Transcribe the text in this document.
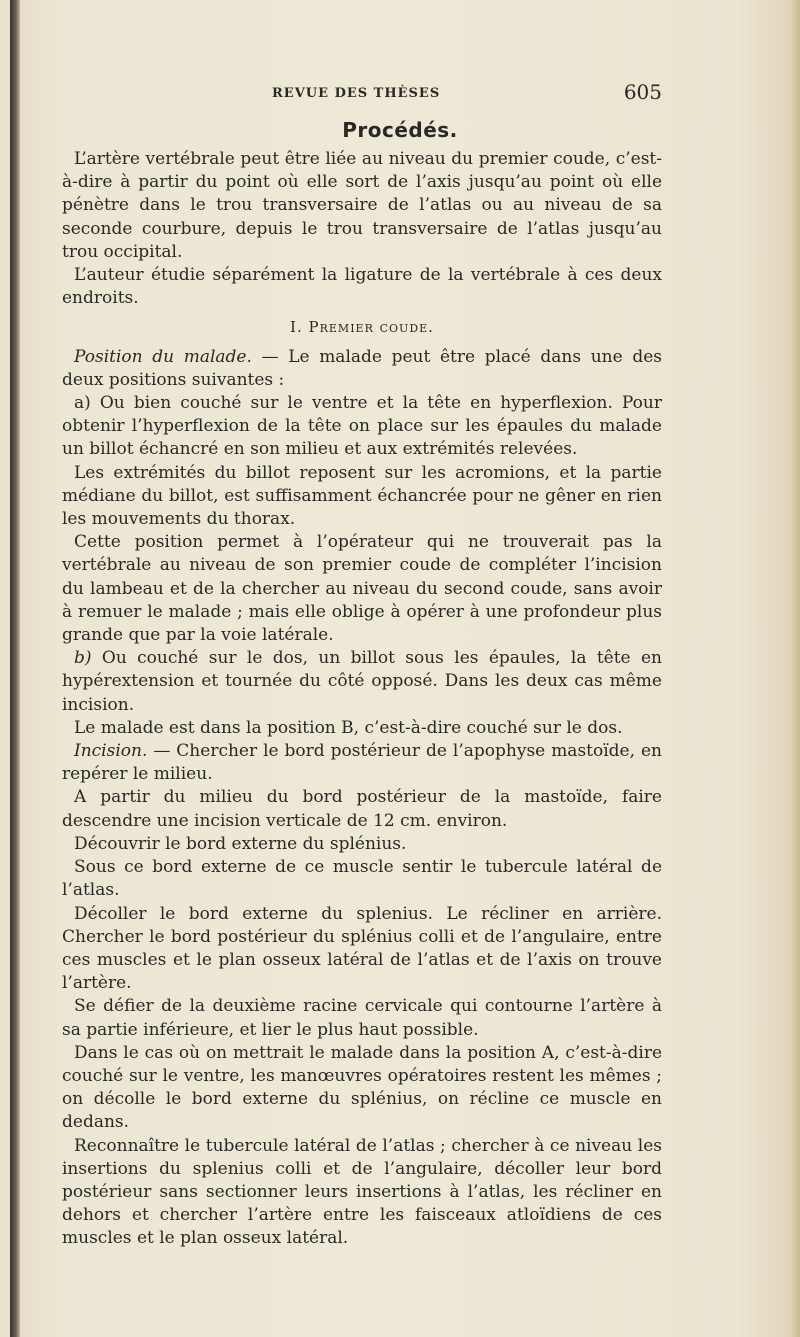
REVUE DES THÈSES	605
Procédés.

L’artère vertébrale peut être liée au niveau du premier coude, c’est-à-dire à partir du point où elle sort de l’axis jusqu’au point où elle pénètre dans le trou transversaire de l’atlas ou au niveau de sa seconde courbure, depuis le trou transversaire de l’atlas jusqu’au trou occipital.

L’auteur étudie séparément la ligature de la vertébrale à ces deux endroits.

I. Premier coude.

Position du malade. — Le malade peut être placé dans une des deux positions suivantes :

a) Ou bien couché sur le ventre et la tête en hyperflexion. Pour obtenir l’hyperflexion de la tête on place sur les épaules du malade un billot échancré en son milieu et aux extrémités relevées.

Les extrémités du billot reposent sur les acromions, et la partie médiane du billot, est suffisamment échancrée pour ne gêner en rien les mouvements du thorax.

Cette position permet à l’opérateur qui ne trouverait pas la vertébrale au niveau de son premier coude de compléter l’incision du lambeau et de la chercher au niveau du second coude, sans avoir à remuer le malade ; mais elle oblige à opérer à une profondeur plus grande que par la voie latérale.

b) Ou couché sur le dos, un billot sous les épaules, la tête en hypérextension et tournée du côté opposé. Dans les deux cas même incision.

Le malade est dans la position B, c’est-à-dire couché sur le dos.

Incision. — Chercher le bord postérieur de l’apophyse mastoïde, en repérer le milieu.

A partir du milieu du bord postérieur de la mastoïde, faire descendre une incision verticale de 12 cm. environ.

Découvrir le bord externe du splénius.

Sous ce bord externe de ce muscle sentir le tubercule latéral de l’atlas.

Décoller le bord externe du splenius. Le récliner en arrière. Chercher le bord postérieur du splénius colli et de l’angulaire, entre ces muscles et le plan osseux latéral de l’atlas et de l’axis on trouve l’artère.

Se défier de la deuxième racine cervicale qui contourne l’artère à sa partie inférieure, et lier le plus haut possible.

Dans le cas où on mettrait le malade dans la position A, c’est-à-dire couché sur le ventre, les manœuvres opératoires restent les mêmes ; on décolle le bord externe du splénius, on récline ce muscle en dedans.

Reconnaître le tubercule latéral de l’atlas ; chercher à ce niveau les insertions du splenius colli et de l’angulaire, décoller leur bord postérieur sans sectionner leurs insertions à l’atlas, les récliner en dehors et chercher l’artère entre les faisceaux atloïdiens de ces muscles et le plan osseux latéral.
